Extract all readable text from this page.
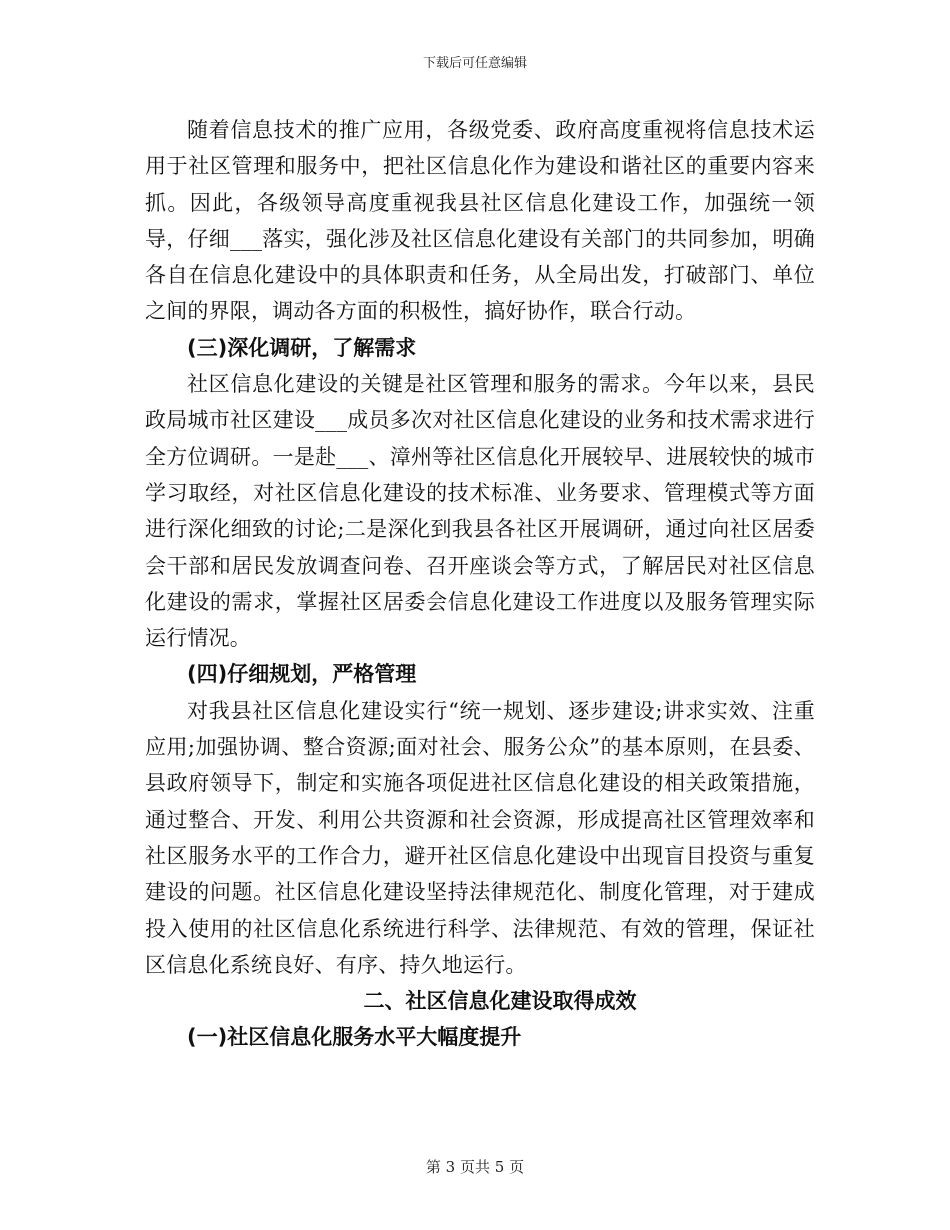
下载后可任意编辑

随着信息技术的推广应用，各级党委、政府高度重视将信息技术运用于社区管理和服务中，把社区信息化作为建设和谐社区的重要内容来抓。因此，各级领导高度重视我县社区信息化建设工作，加强统一领导，仔细___落实，强化涉及社区信息化建设有关部门的共同参加，明确各自在信息化建设中的具体职责和任务，从全局出发，打破部门、单位之间的界限，调动各方面的积极性，搞好协作，联合行动。

(三)深化调研，了解需求

社区信息化建设的关键是社区管理和服务的需求。今年以来，县民政局城市社区建设___成员多次对社区信息化建设的业务和技术需求进行全方位调研。一是赴___、漳州等社区信息化开展较早、进展较快的城市学习取经，对社区信息化建设的技术标准、业务要求、管理模式等方面进行深化细致的讨论;二是深化到我县各社区开展调研，通过向社区居委会干部和居民发放调查问卷、召开座谈会等方式，了解居民对社区信息化建设的需求，掌握社区居委会信息化建设工作进度以及服务管理实际运行情况。

(四)仔细规划，严格管理

对我县社区信息化建设实行“统一规划、逐步建设;讲求实效、注重应用;加强协调、整合资源;面对社会、服务公众”的基本原则，在县委、县政府领导下，制定和实施各项促进社区信息化建设的相关政策措施，通过整合、开发、利用公共资源和社会资源，形成提高社区管理效率和社区服务水平的工作合力，避开社区信息化建设中出现盲目投资与重复建设的问题。社区信息化建设坚持法律规范化、制度化管理，对于建成投入使用的社区信息化系统进行科学、法律规范、有效的管理，保证社区信息化系统良好、有序、持久地运行。

二、社区信息化建设取得成效

(一)社区信息化服务水平大幅度提升

第 3 页共 5 页
